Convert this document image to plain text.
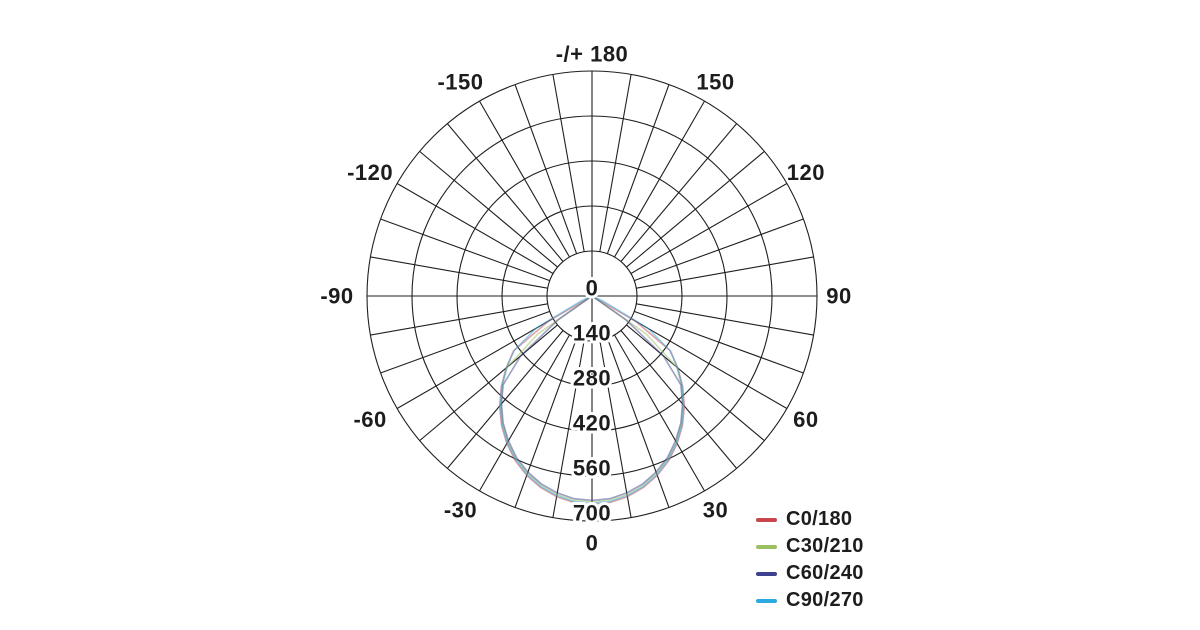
-/+ 180
150
120
90
60
30
0
-30
-60
-90
-120
-150
0
140
280
420
560
700	C0/180
C30/210
C60/240
C90/270
